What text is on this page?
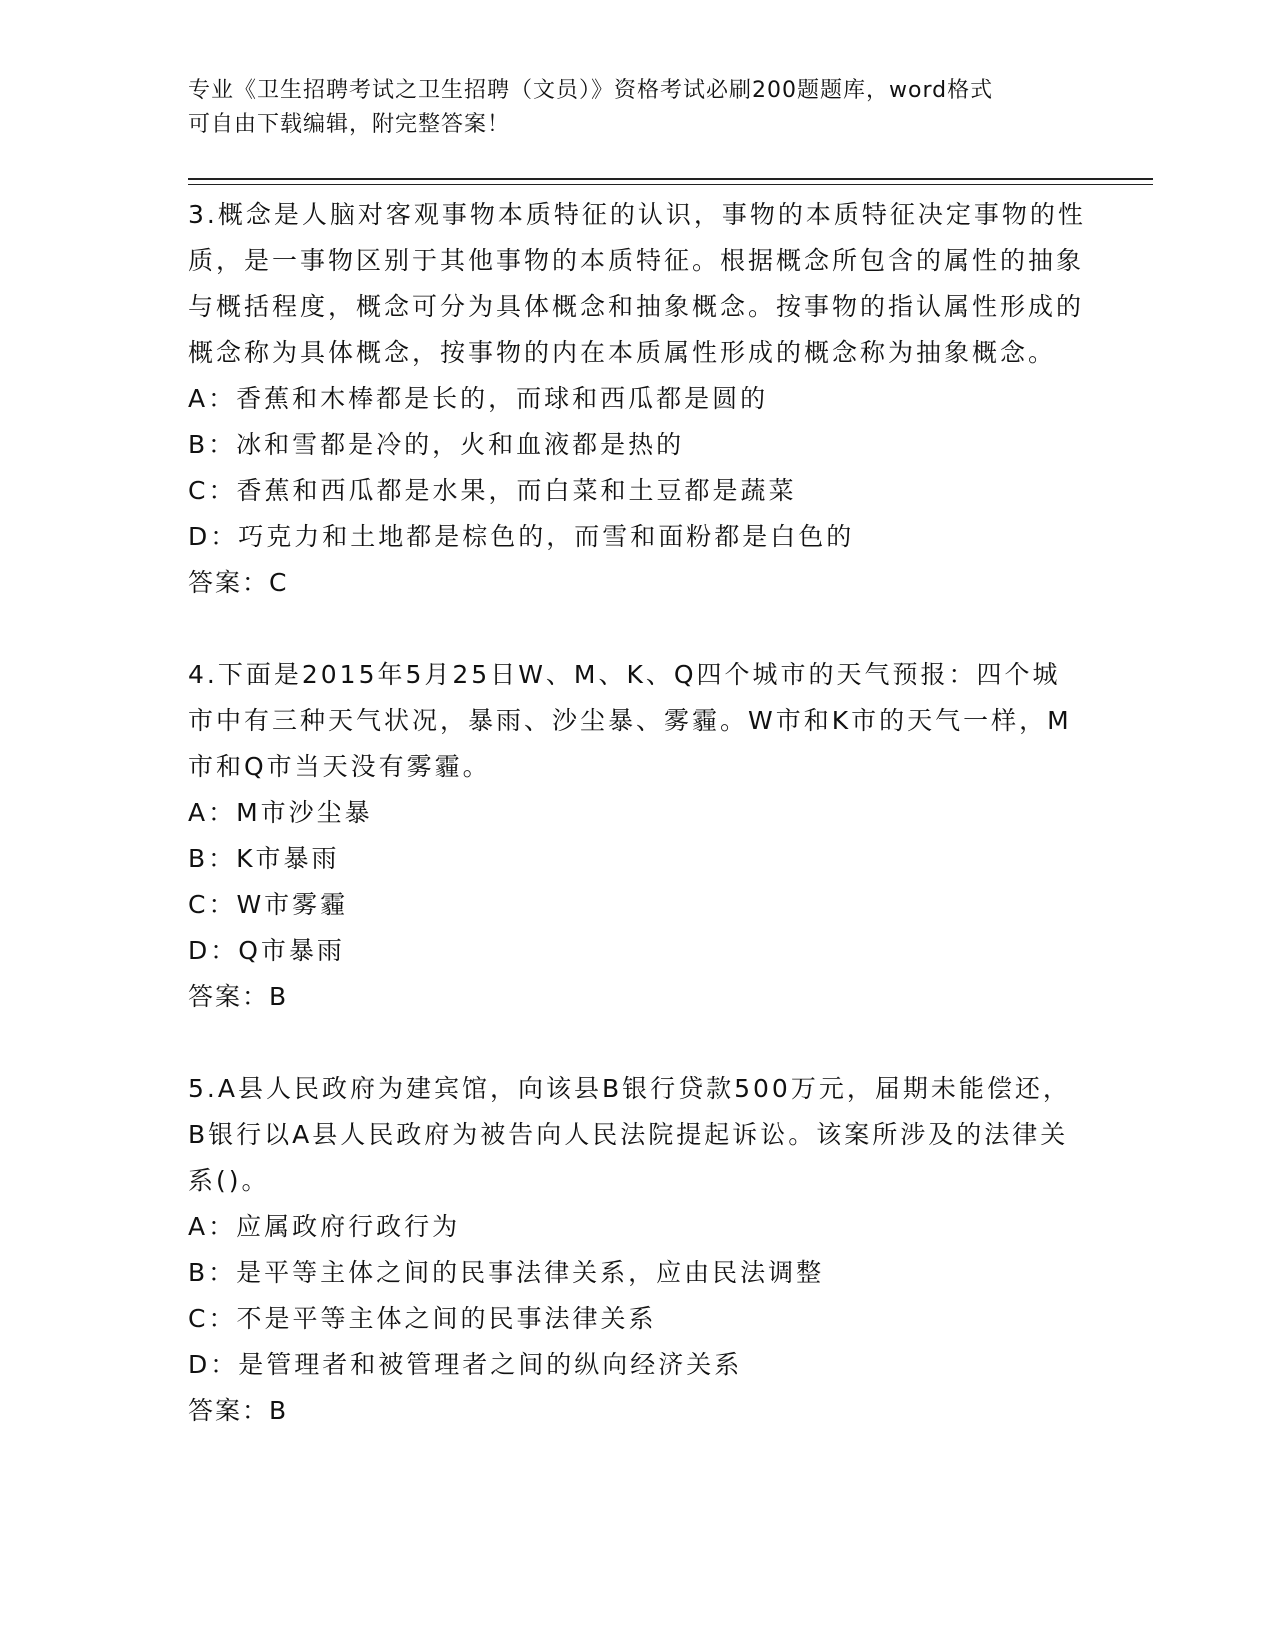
专业《卫生招聘考试之卫生招聘（文员）》资格考试必刷200题题库，word格式
可自由下载编辑，附完整答案！
3.概念是人脑对客观事物本质特征的认识，事物的本质特征决定事物的性质，是一事物区别于其他事物的本质特征。根据概念所包含的属性的抽象与概括程度，概念可分为具体概念和抽象概念。按事物的指认属性形成的概念称为具体概念，按事物的内在本质属性形成的概念称为抽象概念。
A：香蕉和木棒都是长的，而球和西瓜都是圆的
B：冰和雪都是冷的，火和血液都是热的
C：香蕉和西瓜都是水果，而白菜和土豆都是蔬菜
D：巧克力和土地都是棕色的，而雪和面粉都是白色的
答案：C
4.下面是2015年5月25日W、M、K、Q四个城市的天气预报：四个城市中有三种天气状况，暴雨、沙尘暴、雾霾。W市和K市的天气一样，M市和Q市当天没有雾霾。
A：M市沙尘暴
B：K市暴雨
C：W市雾霾
D：Q市暴雨
答案：B
5.A县人民政府为建宾馆，向该县B银行贷款500万元，届期未能偿还，B银行以A县人民政府为被告向人民法院提起诉讼。该案所涉及的法律关系()。
A：应属政府行政行为
B：是平等主体之间的民事法律关系，应由民法调整
C：不是平等主体之间的民事法律关系
D：是管理者和被管理者之间的纵向经济关系
答案：B
